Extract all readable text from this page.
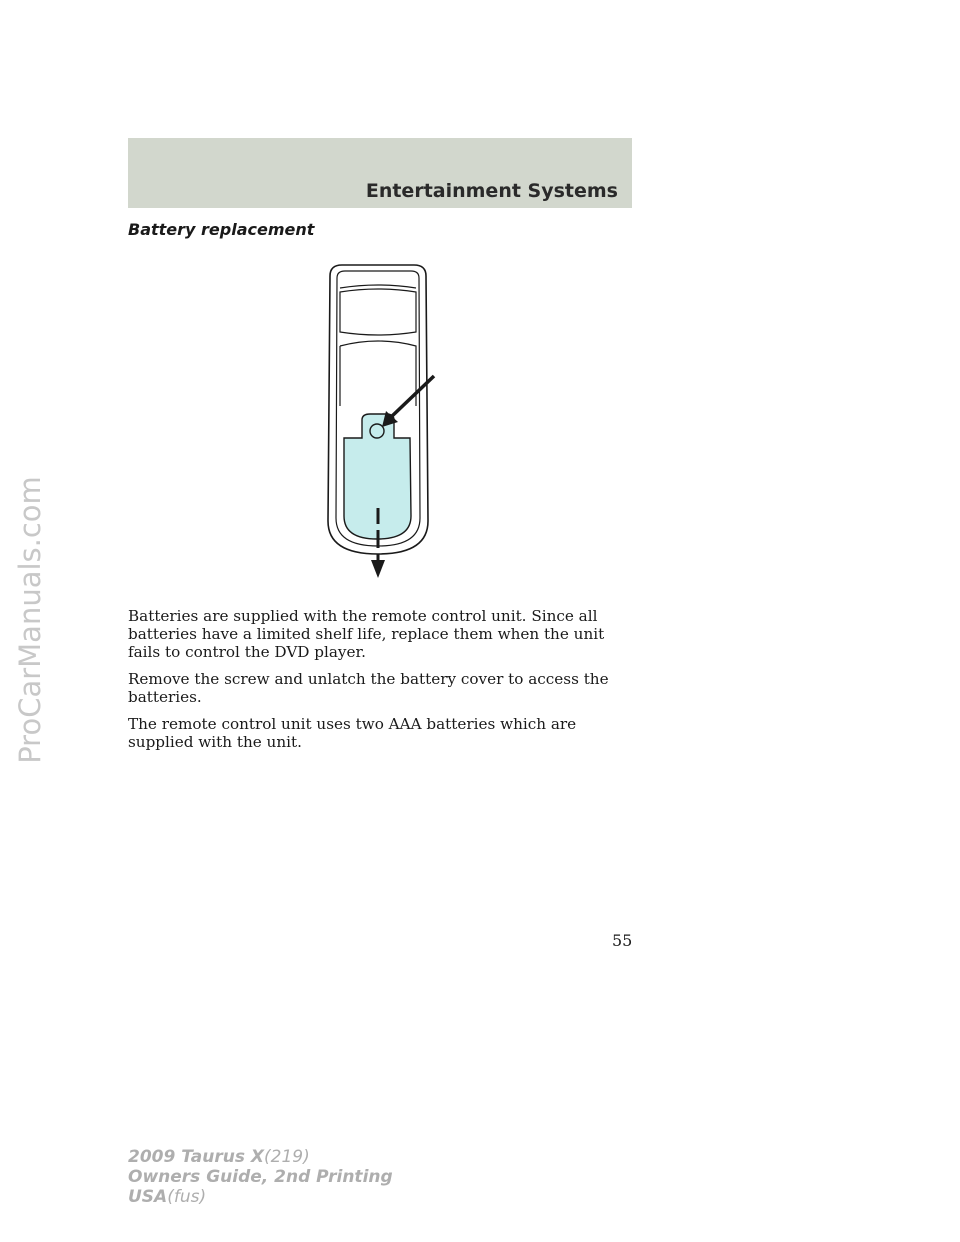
ProCarManuals.com
Entertainment Systems
Battery replacement

Batteries are supplied with the remote control unit. Since all batteries have a limited shelf life, replace them when the unit fails to control the DVD player.

Remove the screw and unlatch the battery cover to access the batteries.

The remote control unit uses two AAA batteries which are supplied with the unit.

55
2009 Taurus X(219)
Owners Guide, 2nd Printing
USA(fus)
